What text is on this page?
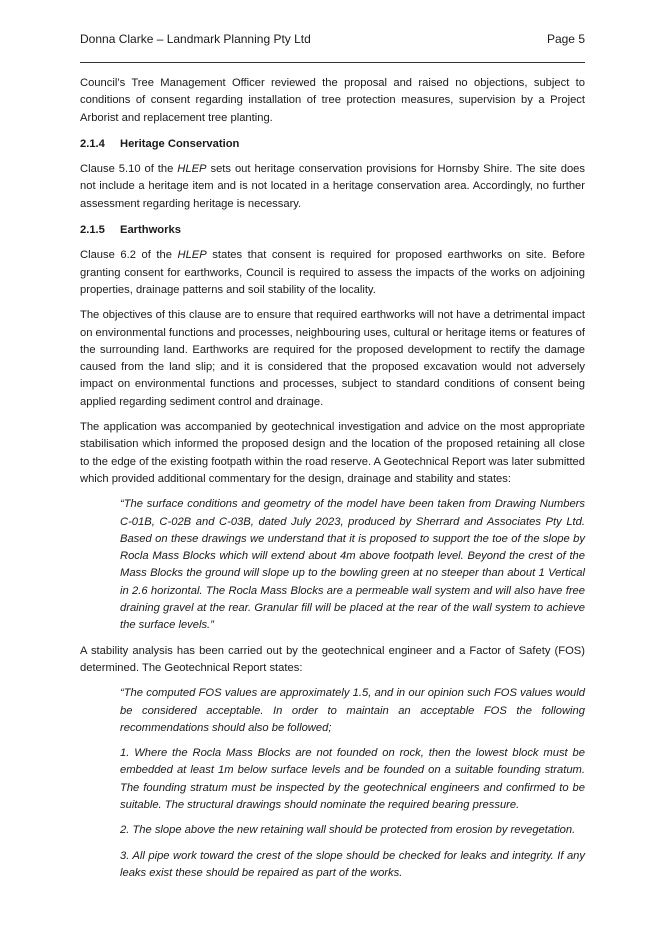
Donna Clarke – Landmark Planning Pty Ltd	Page 5

Council’s Tree Management Officer reviewed the proposal and raised no objections, subject to conditions of consent regarding installation of tree protection measures, supervision by a Project Arborist and replacement tree planting.

2.1.4 Heritage Conservation

Clause 5.10 of the HLEP sets out heritage conservation provisions for Hornsby Shire. The site does not include a heritage item and is not located in a heritage conservation area. Accordingly, no further assessment regarding heritage is necessary.

2.1.5 Earthworks

Clause 6.2 of the HLEP states that consent is required for proposed earthworks on site. Before granting consent for earthworks, Council is required to assess the impacts of the works on adjoining properties, drainage patterns and soil stability of the locality.

The objectives of this clause are to ensure that required earthworks will not have a detrimental impact on environmental functions and processes, neighbouring uses, cultural or heritage items or features of the surrounding land. Earthworks are required for the proposed development to rectify the damage caused from the land slip; and it is considered that the proposed excavation would not adversely impact on environmental functions and processes, subject to standard conditions of consent being applied regarding sediment control and drainage.

The application was accompanied by geotechnical investigation and advice on the most appropriate stabilisation which informed the proposed design and the location of the proposed retaining all close to the edge of the existing footpath within the road reserve. A Geotechnical Report was later submitted which provided additional commentary for the design, drainage and stability and states:

“The surface conditions and geometry of the model have been taken from Drawing Numbers C-01B, C-02B and C-03B, dated July 2023, produced by Sherrard and Associates Pty Ltd. Based on these drawings we understand that it is proposed to support the toe of the slope by Rocla Mass Blocks which will extend about 4m above footpath level. Beyond the crest of the Mass Blocks the ground will slope up to the bowling green at no steeper than about 1 Vertical in 2.6 horizontal. The Rocla Mass Blocks are a permeable wall system and will also have free draining gravel at the rear. Granular fill will be placed at the rear of the wall system to achieve the surface levels.”

A stability analysis has been carried out by the geotechnical engineer and a Factor of Safety (FOS) determined. The Geotechnical Report states:

“The computed FOS values are approximately 1.5, and in our opinion such FOS values would be considered acceptable. In order to maintain an acceptable FOS the following recommendations should also be followed;

1. Where the Rocla Mass Blocks are not founded on rock, then the lowest block must be embedded at least 1m below surface levels and be founded on a suitable founding stratum. The founding stratum must be inspected by the geotechnical engineers and confirmed to be suitable. The structural drawings should nominate the required bearing pressure.

2. The slope above the new retaining wall should be protected from erosion by revegetation.

3. All pipe work toward the crest of the slope should be checked for leaks and integrity. If any leaks exist these should be repaired as part of the works.
